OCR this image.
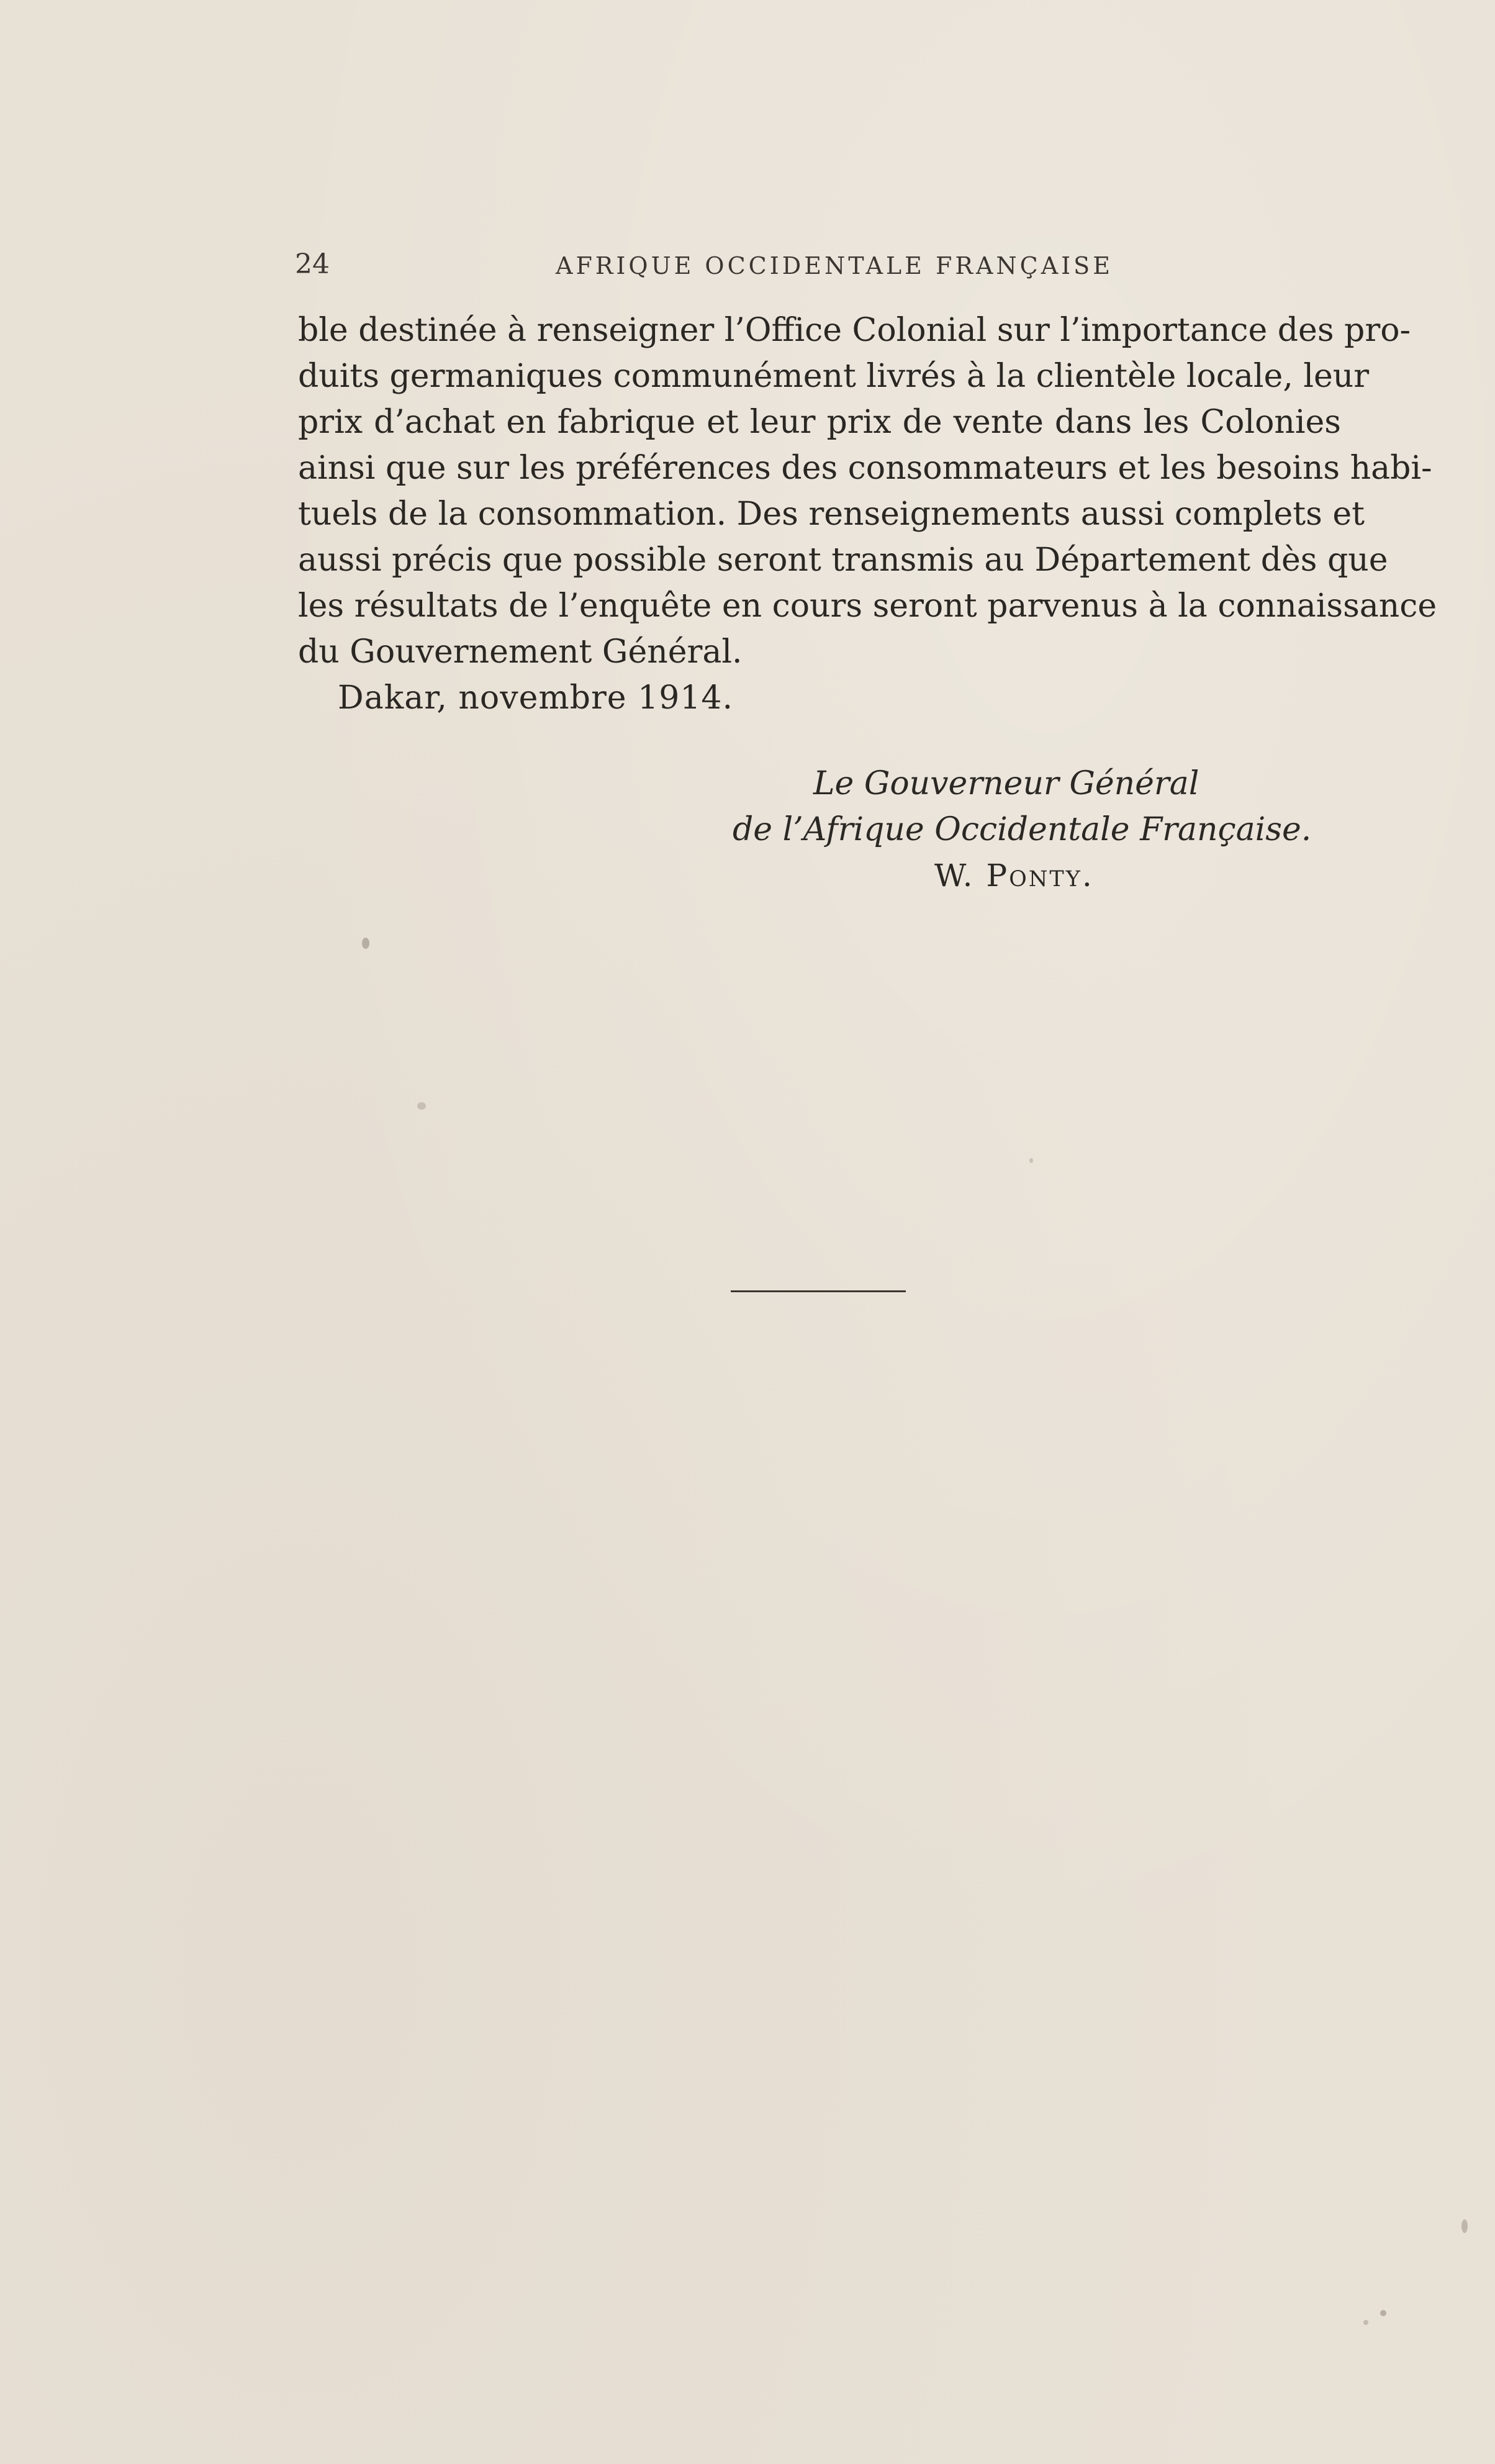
24	AFRIQUE OCCIDENTALE FRANÇAISE
ble destinée à renseigner l’Office Colonial sur l’importance des pro-
duits germaniques communément livrés à la clientèle locale, leur
prix d’achat en fabrique et leur prix de vente dans les Colonies
ainsi que sur les préférences des consommateurs et les besoins habi-
tuels de la consommation. Des renseignements aussi complets et
aussi précis que possible seront transmis au Département dès que
les résultats de l’enquête en cours seront parvenus à la connaissance
du Gouvernement Général.
Dakar, novembre 1914.
Le Gouverneur Général
de l’Afrique Occidentale Française.
W. Ponty.
